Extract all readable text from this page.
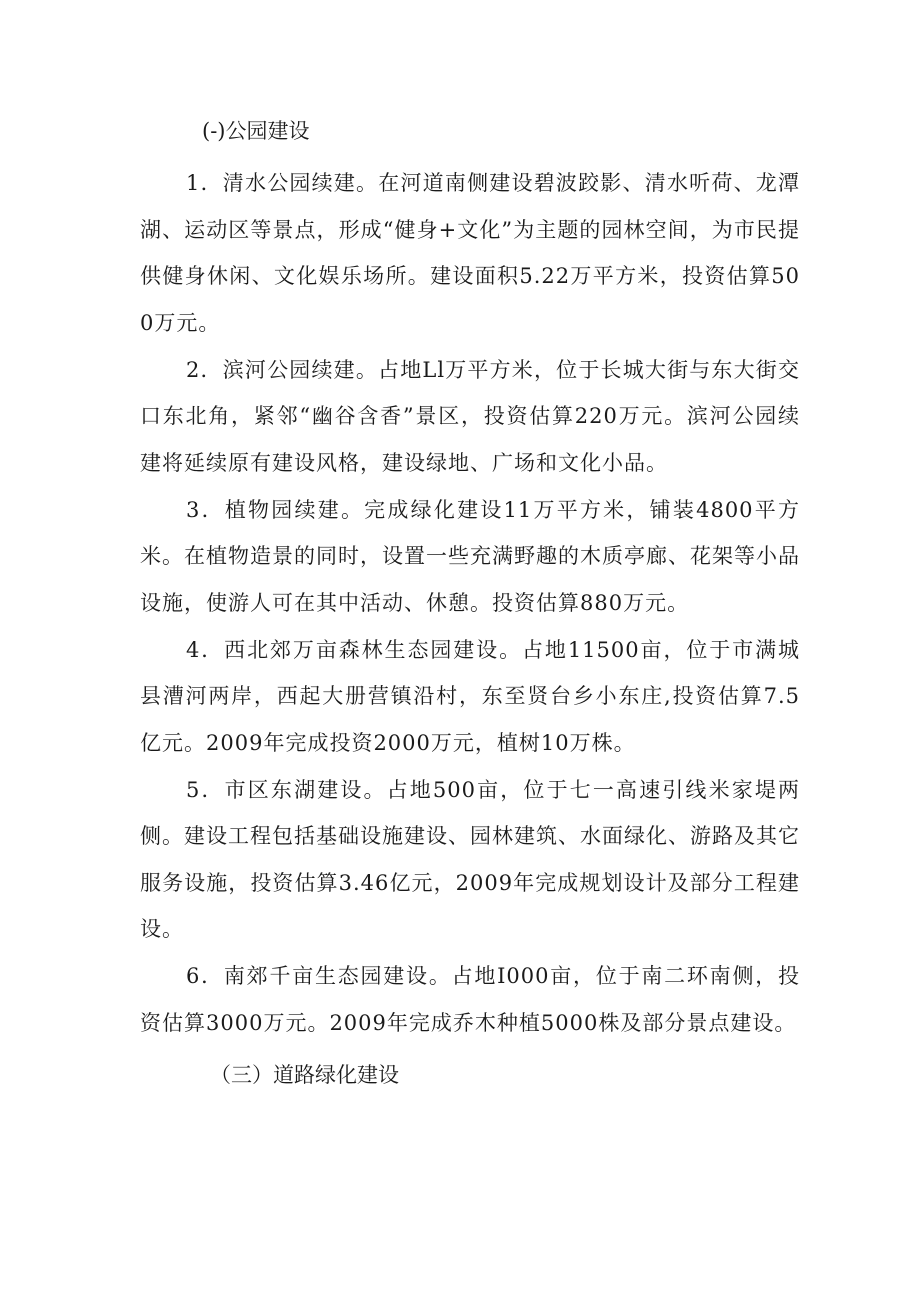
(-)公园建设

1．清水公园续建。在河道南侧建设碧波跤影、清水听荷、龙潭湖、运动区等景点，形成“健身+文化”为主题的园林空间，为市民提供健身休闲、文化娱乐场所。建设面积5.22万平方米，投资估算500万元。

2．滨河公园续建。占地Ll万平方米，位于长城大街与东大街交口东北角，紧邻“幽谷含香”景区，投资估算220万元。滨河公园续建将延续原有建设风格，建设绿地、广场和文化小品。

3．植物园续建。完成绿化建设11万平方米，铺装4800平方米。在植物造景的同时，设置一些充满野趣的木质亭廊、花架等小品设施，使游人可在其中活动、休憩。投资估算880万元。

4．西北郊万亩森林生态园建设。占地11500亩，位于市满城县漕河两岸，西起大册营镇沿村，东至贤台乡小东庄,投资估算7.5亿元。2009年完成投资2000万元，植树10万株。

5．市区东湖建设。占地500亩，位于七一高速引线米家堤两侧。建设工程包括基础设施建设、园林建筑、水面绿化、游路及其它服务设施，投资估算3.46亿元，2009年完成规划设计及部分工程建设。

6．南郊千亩生态园建设。占地I000亩，位于南二环南侧，投资估算3000万元。2009年完成乔木种植5000株及部分景点建设。

（三）道路绿化建设
